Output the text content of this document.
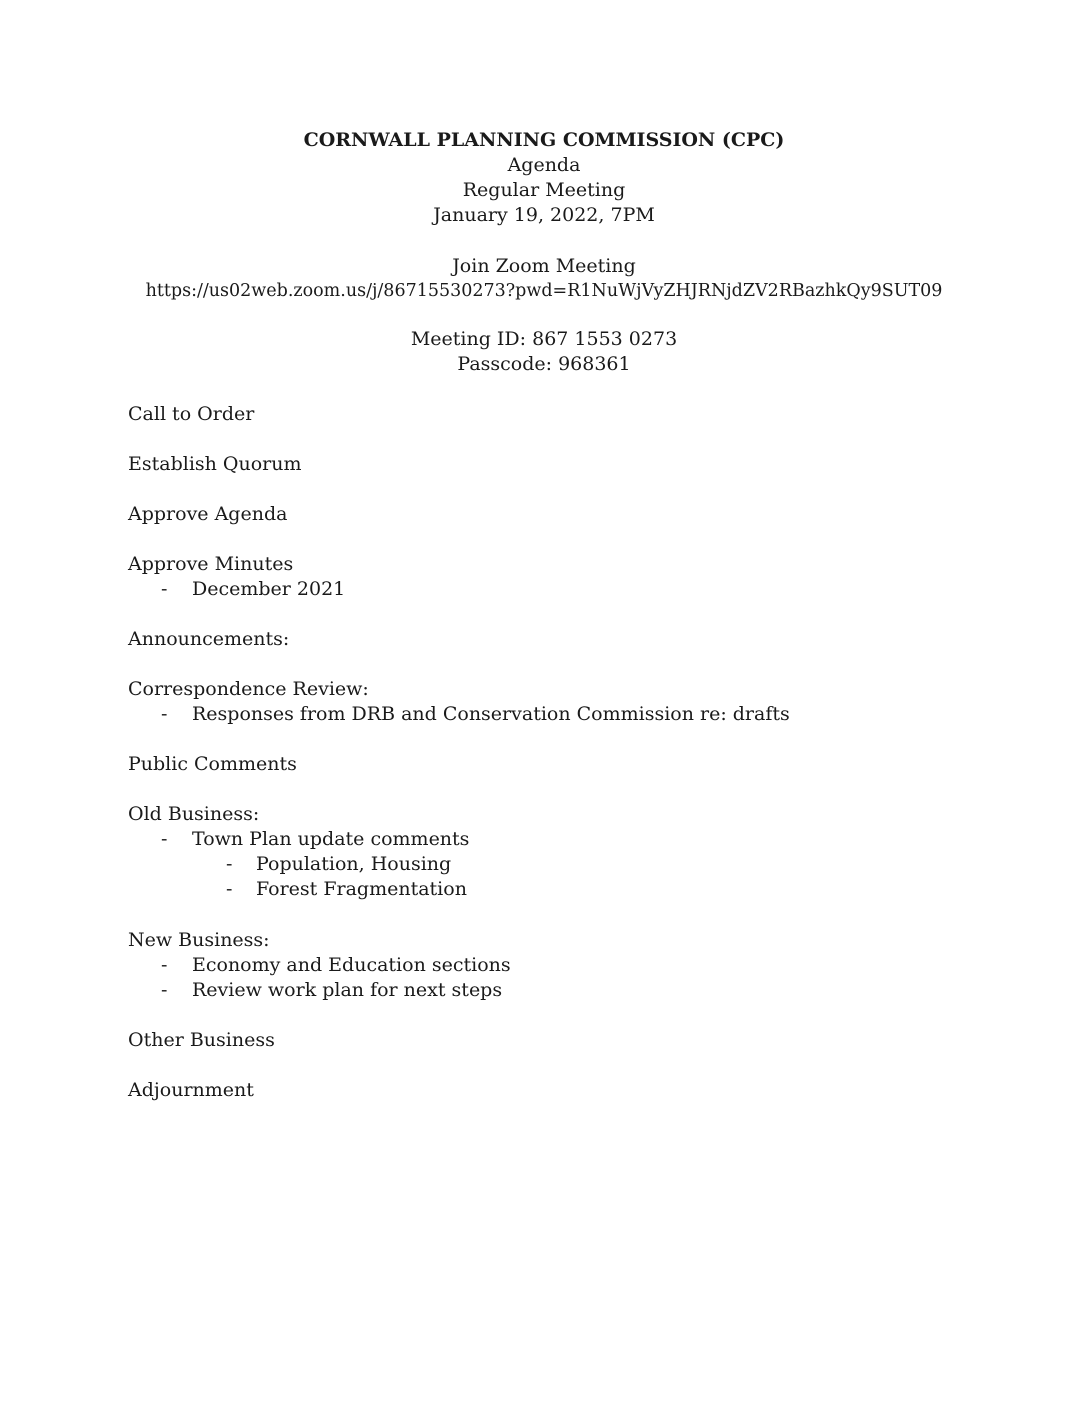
CORNWALL PLANNING COMMISSION (CPC)
Agenda
Regular Meeting
January 19, 2022, 7PM
Join Zoom Meeting
https://us02web.zoom.us/j/86715530273?pwd=R1NuWjVyZHJRNjdZV2RBazhkQy9SUT09
Meeting ID: 867 1553 0273
Passcode: 968361
Call to Order
Establish Quorum
Approve Agenda
Approve Minutes
- December 2021
Announcements:
Correspondence Review:
- Responses from DRB and Conservation Commission re: drafts
Public Comments
Old Business:
- Town Plan update comments
- Population, Housing
- Forest Fragmentation
New Business:
- Economy and Education sections
- Review work plan for next steps
Other Business
Adjournment
